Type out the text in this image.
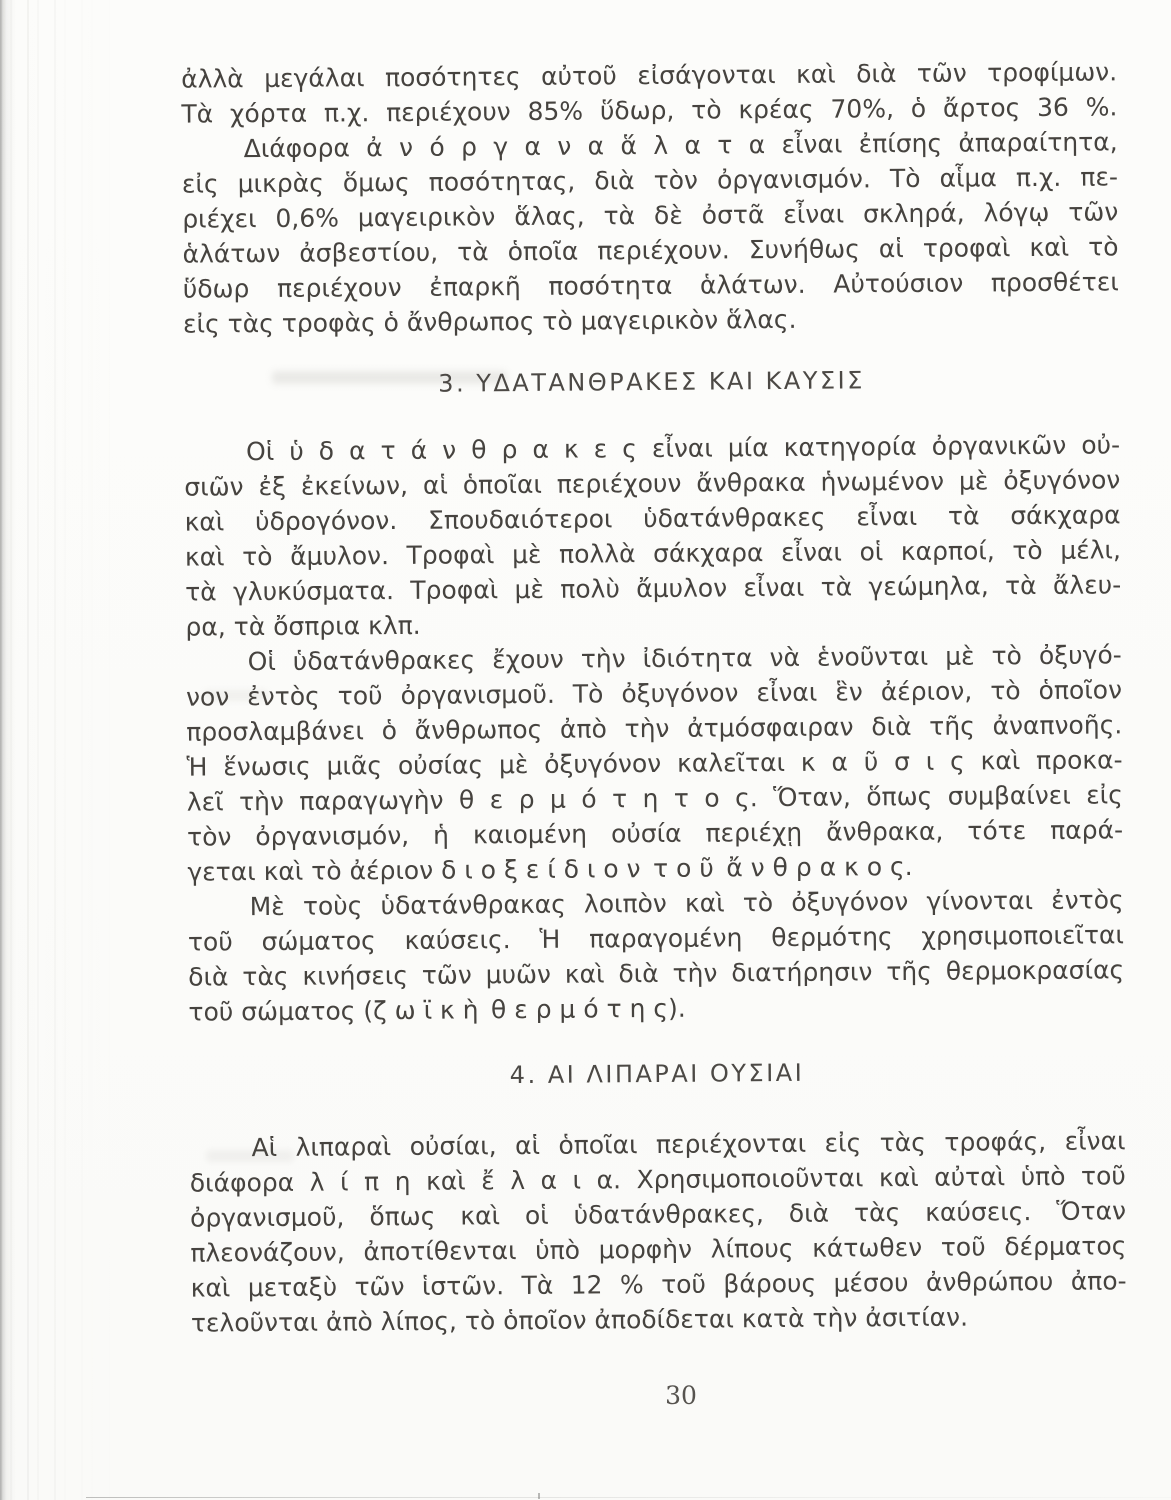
ἀλλὰ μεγάλαι ποσότητες αὐτοῦ εἰσάγονται καὶ διὰ τῶν τροφίμων.
Τὰ χόρτα π.χ. περιέχουν 85% ὕδωρ, τὸ κρέας 70%, ὁ ἄρτος 36 %.
Διάφορα ἀ ν ό ρ γ α ν α ἅ λ α τ α εἶναι ἐπίσης ἀπαραίτητα,
εἰς μικρὰς ὅμως ποσότητας, διὰ τὸν ὀργανισμόν. Τὸ αἷμα π.χ. πε-
ριέχει 0,6% μαγειρικὸν ἅλας, τὰ δὲ ὀστᾶ εἶναι σκληρά, λόγῳ τῶν
ἁλάτων ἀσβεστίου, τὰ ὁποῖα περιέχουν. Συνήθως αἱ τροφαὶ καὶ τὸ
ὕδωρ περιέχουν ἐπαρκῆ ποσότητα ἁλάτων. Αὐτούσιον προσθέτει
εἰς τὰς τροφὰς ὁ ἄνθρωπος τὸ μαγειρικὸν ἅλας.
3. ΥΔΑΤΑΝΘΡΑΚΕΣ ΚΑΙ ΚΑΥΣΙΣ
Οἱ ὑ δ α τ ά ν θ ρ α κ ε ς εἶναι μία κατηγορία ὀργανικῶν οὐ-
σιῶν ἐξ ἐκείνων, αἱ ὁποῖαι περιέχουν ἄνθρακα ἡνωμένον μὲ ὀξυγόνον
καὶ ὑδρογόνον. Σπουδαιότεροι ὑδατάνθρακες εἶναι τὰ σάκχαρα
καὶ τὸ ἄμυλον. Τροφαὶ μὲ πολλὰ σάκχαρα εἶναι οἱ καρποί, τὸ μέλι,
τὰ γλυκύσματα. Τροφαὶ μὲ πολὺ ἄμυλον εἶναι τὰ γεώμηλα, τὰ ἄλευ-
ρα, τὰ ὄσπρια κλπ.
Οἱ ὑδατάνθρακες ἔχουν τὴν ἰδιότητα νὰ ἑνοῦνται μὲ τὸ ὀξυγό-
νον ἐντὸς τοῦ ὀργανισμοῦ. Τὸ ὀξυγόνον εἶναι ἓν ἀέριον, τὸ ὁποῖον
προσλαμβάνει ὁ ἄνθρωπος ἀπὸ τὴν ἀτμόσφαιραν διὰ τῆς ἀναπνοῆς.
Ἡ ἕνωσις μιᾶς οὐσίας μὲ ὀξυγόνον καλεῖται κ α ῦ σ ι ς καὶ προκα-
λεῖ τὴν παραγωγὴν θ ε ρ μ ό τ η τ ο ς. Ὅταν, ὅπως συμβαίνει εἰς
τὸν ὀργανισμόν, ἡ καιομένη οὐσία περιέχῃ ἄνθρακα, τότε παρά-
γεται καὶ τὸ ἀέριον δ ι ο ξ ε ί δ ι ο ν τ ο ῦ ἄ ν θ ρ α κ ο ς.
Μὲ τοὺς ὑδατάνθρακας λοιπὸν καὶ τὸ ὀξυγόνον γίνονται ἐντὸς
τοῦ σώματος καύσεις. Ἡ παραγομένη θερμότης χρησιμοποιεῖται
διὰ τὰς κινήσεις τῶν μυῶν καὶ διὰ τὴν διατήρησιν τῆς θερμοκρασίας
τοῦ σώματος (ζ ω ϊ κ ὴ θ ε ρ μ ό τ η ς).
4. ΑΙ ΛΙΠΑΡΑΙ ΟΥΣΙΑΙ
Αἱ λιπαραὶ οὐσίαι, αἱ ὁποῖαι περιέχονται εἰς τὰς τροφάς, εἶναι
διάφορα λ ί π η καὶ ἔ λ α ι α. Χρησιμοποιοῦνται καὶ αὐταὶ ὑπὸ τοῦ
ὀργανισμοῦ, ὅπως καὶ οἱ ὑδατάνθρακες, διὰ τὰς καύσεις. Ὅταν
πλεονάζουν, ἀποτίθενται ὑπὸ μορφὴν λίπους κάτωθεν τοῦ δέρματος
καὶ μεταξὺ τῶν ἱστῶν. Τὰ 12 % τοῦ βάρους μέσου ἀνθρώπου ἀπο-
τελοῦνται ἀπὸ λίπος, τὸ ὁποῖον ἀποδίδεται κατὰ τὴν ἀσιτίαν.
30
